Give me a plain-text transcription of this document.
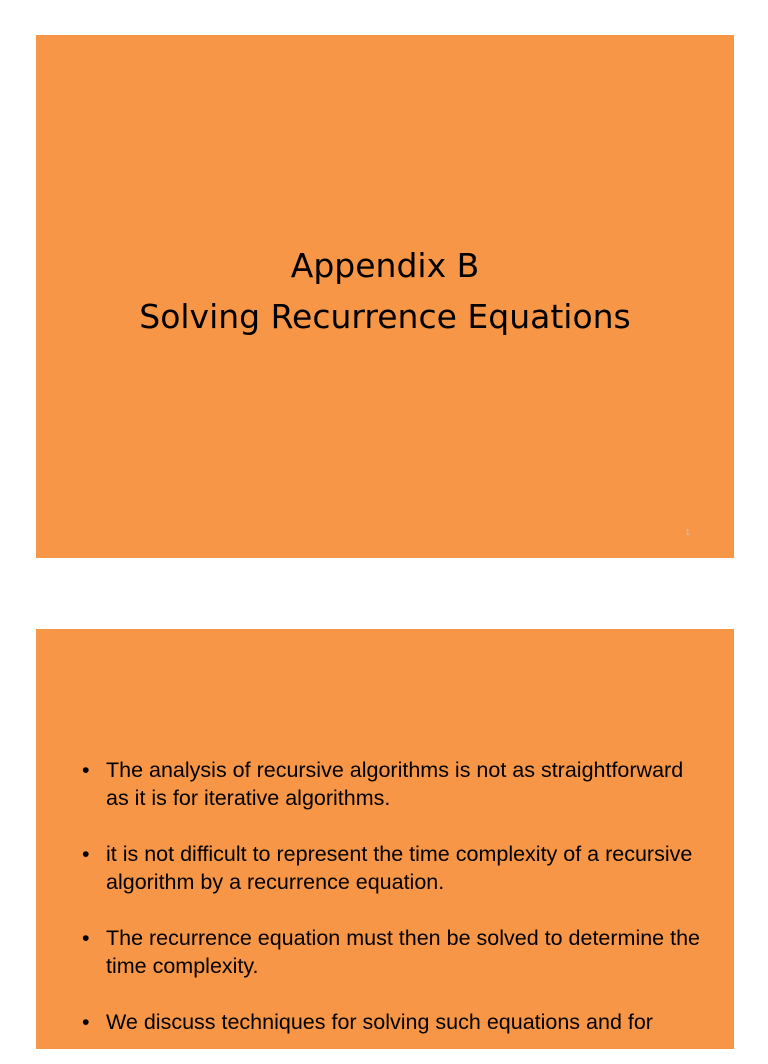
Appendix B
Solving Recurrence Equations
1
• The analysis of recursive algorithms is not as straightforward as it is for iterative algorithms.
• it is not difficult to represent the time complexity of a recursive algorithm by a recurrence equation.
• The recurrence equation must then be solved to determine the time complexity.
• We discuss techniques for solving such equations and for
